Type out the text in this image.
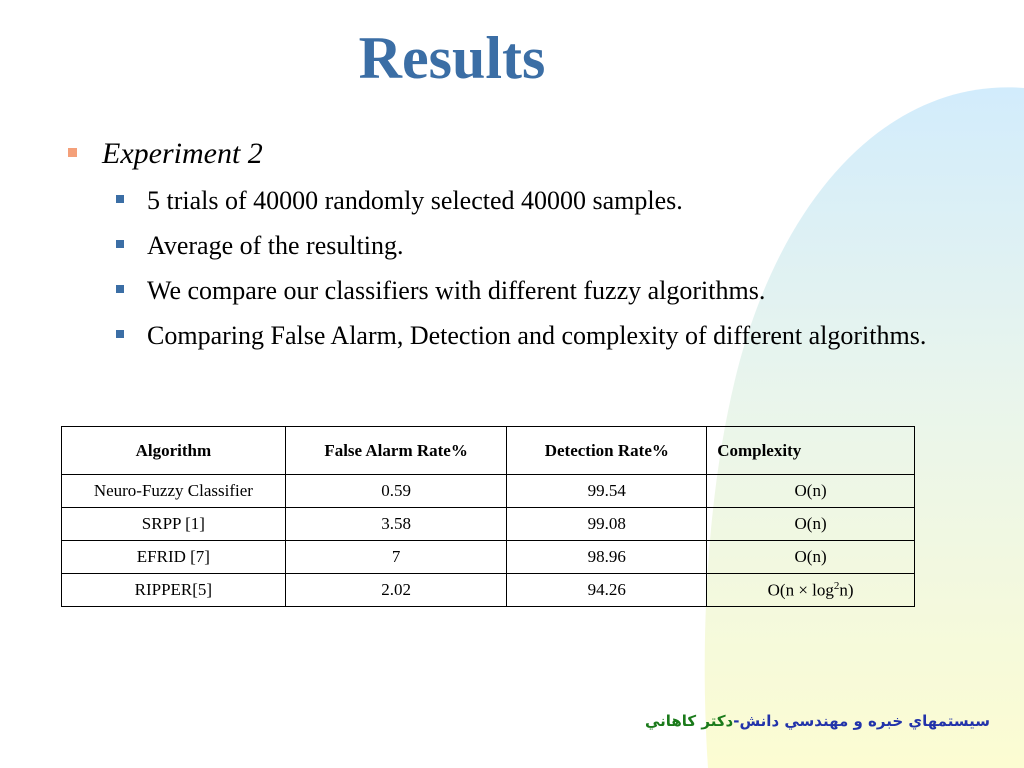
Results
Experiment 2
5 trials of 40000 randomly selected 40000 samples.
Average of the resulting.
We compare our classifiers with different fuzzy algorithms.
Comparing False Alarm, Detection and complexity of different algorithms.
Algorithm	False Alarm Rate%	Detection Rate%	Complexity
Neuro-Fuzzy Classifier	0.59	99.54	O(n)
SRPP [1]	3.58	99.08	O(n)
EFRID [7]	7	98.96	O(n)
RIPPER[5]	2.02	94.26	$O(n \times \log^2n)$
سيستمهاي خبره و مهندسي دانش-دكتر كاهاني
